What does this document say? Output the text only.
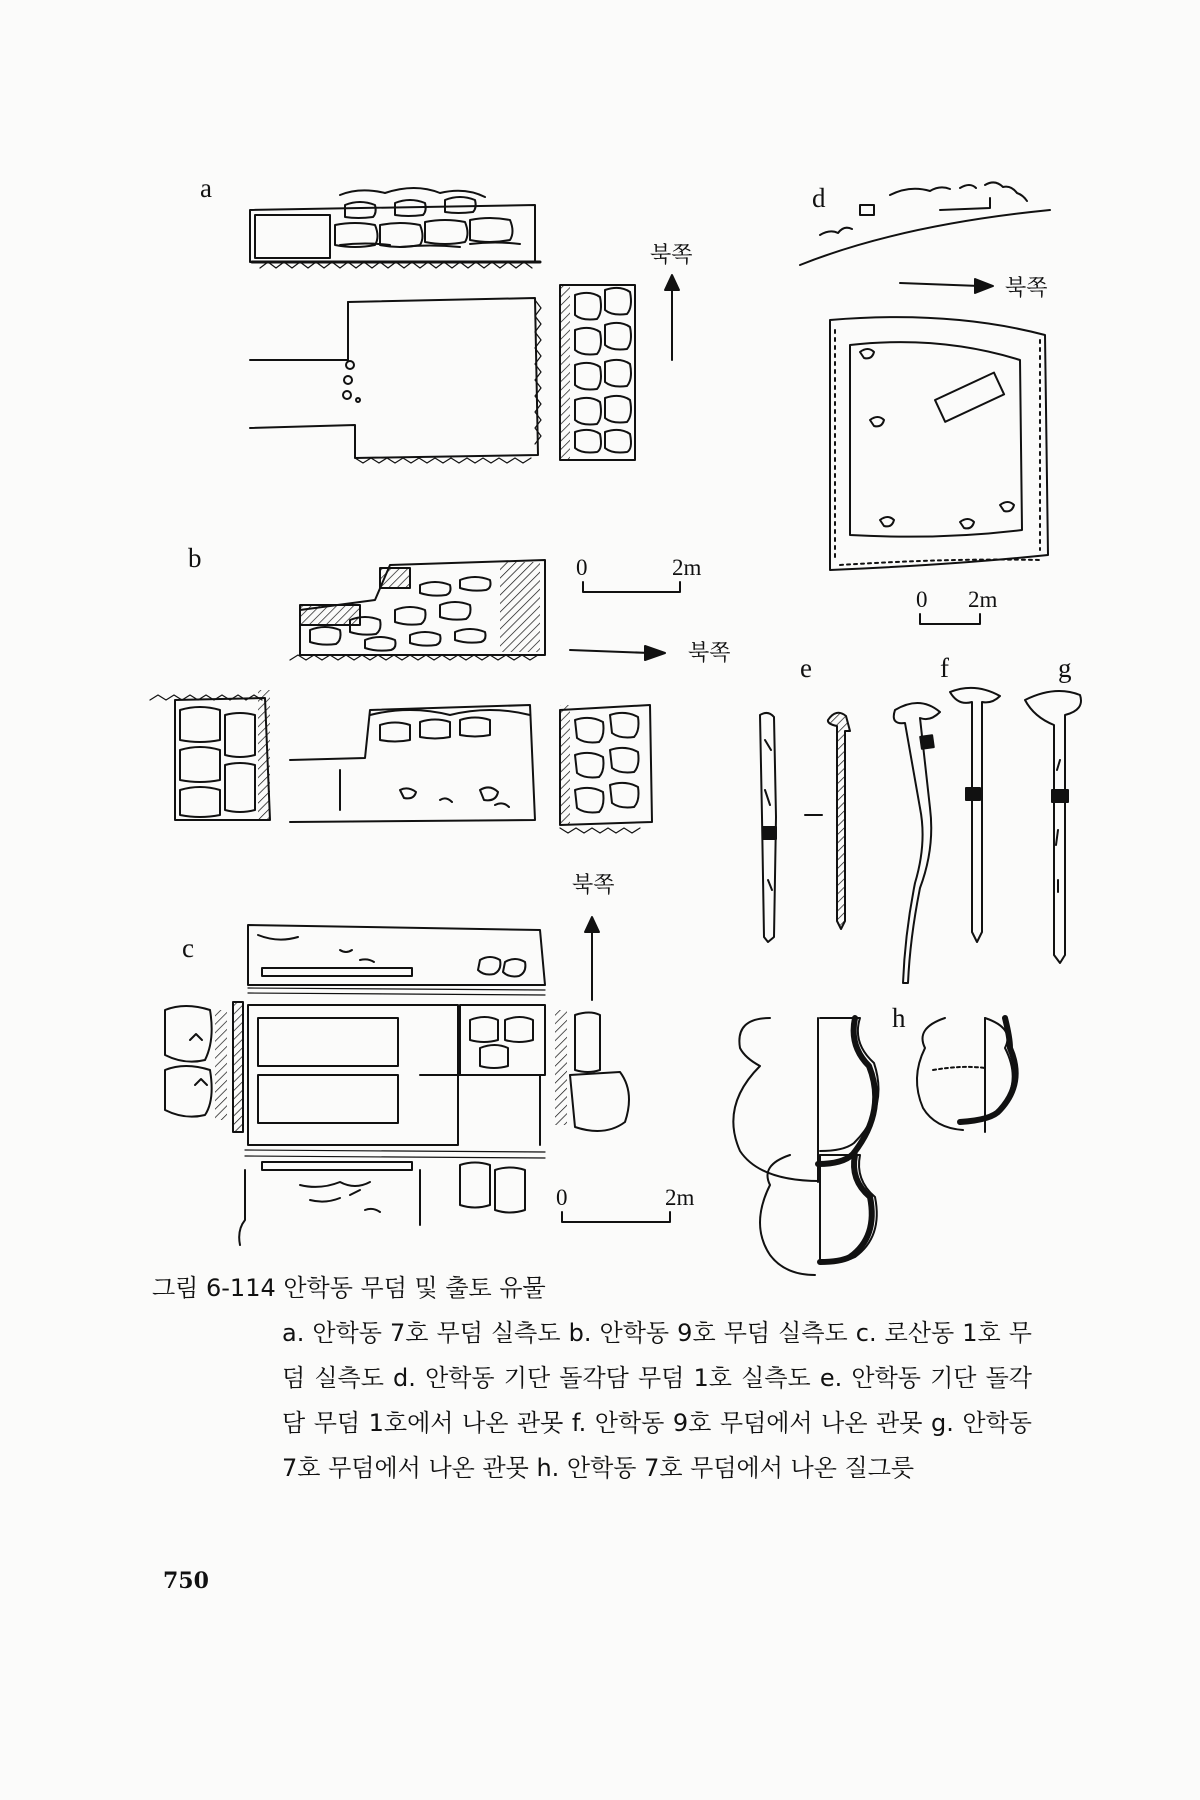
a	d
b
e	f	g
c
h
북쪽
북쪽
북쪽
북쪽
0	2m
0 2m
0	2m
그림 6-114 안학동 무덤 및 출토 유물
a. 안학동 7호 무덤 실측도 b. 안학동 9호 무덤 실측도 c. 로산동 1호 무덤 실측도 d. 안학동 기단 돌각담 무덤 1호 실측도 e. 안학동 기단 돌각담 무덤 1호에서 나온 관못 f. 안학동 9호 무덤에서 나온 관못 g. 안학동 7호 무덤에서 나온 관못 h. 안학동 7호 무덤에서 나온 질그릇
750
